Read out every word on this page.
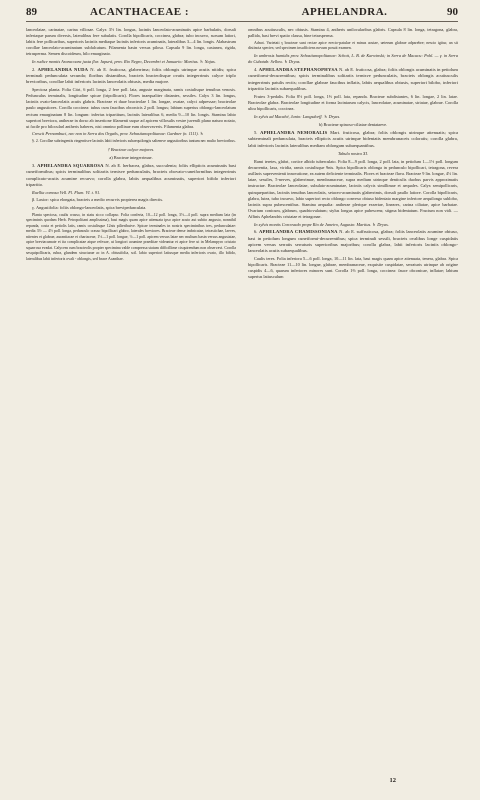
89	ACANTHACEAE :	APHELANDRA.	90
lanceolatae, carinatae, carina villosae. Calyx 3½ lin. longus, laciniis lanceolato-acuminatis apice barbulatis, dorsali inferiaque parum diversis, lateralibus fere subulatis. Corolla bipollicaris, coccinea, glabra; tubo incurvo, sursum latiori, labiis fere pollicaribus, superioris laciniis mediaque laciniis inferioris acuminatis, lateralibus 3—4 lin. longis. Alabastrum corollae lanceolato-acuminatum subfalcatum. Filamenta basin versus pilosa. Capsula 9 lin. longa, castanea, rigida, tetrasperma. Semen discoideum, hilo emarginato.
In rudice montis Araracoara juxta flur. Japurá, prov. Rio Negro, Decembri et Januario: Martius. ♄ Najas.
2. APHELANDRA NUDA N. ab E. fruticosa, glaberrima; foliis oblongis utrinque acutis nitidis; spica terminali pedunculata secunda; floribus distantibus, bracteis bracteolisque ovatis integerrimis calyce triplo brevioribus, corollae labii inferioris laciniis lanceolatis obtusis, media majore.
Speciosa planta. Folia Citri, 6 poll. longa, 2 fere poll. lata, anguste marginata, ramis costulisque tenuibus venosis. Pedunculus terminalis, longitudine spicae (tripollicaris). Flores inaequaliter distantes, sessiles. Calyx 3 lin. longus, laciniis ovato-lanceolatis acutis glabris. Bracteae et duae bracteolae 1 lin. longae, ovatae, calyci adpressae; bracteolae paulo angustiores. Corolla coccinea: tubus cum faucibus obconicis 2 poll. longus; labium superius oblongo-lanceolatum rectum emarginatum 8 lin. longum: inferius tripartitum, laciniis lateralibus 6, media 9—10 lin. longis. Stamina labio superiori breviora, antherae in dorso ab insertione filamenti usque ad apicem villosulis vestre juvenili plano naturo notato, ut facile pro bilocularl antheris haberes, nisi omnino pollinae eum observaveris. Filamenta glabra.
Crescit Pernambuci, nec non in Serra dos Orgaõs, prov. Sebastianopolitanae: Gardner (n. 1111). ♄
§. 2. Corollae subringentis ringentisve laciniis labii inferioris subaequilongis saltemve angustioribus tantum nec multo brevioribus.
† Bracteae calyce majores.
a) Bracteae integerrimae.
3. APHELANDRA SQUARROSA N. ab E. herbacea, glabra, succulenta; foliis ellipticis acuminatis basi cuneiformibus; spicis terminalibus solitariis ternisve pedunculatis, bracteis obovato-cuneiformibus integerrimis complicato-acutis acumine recurvo; corolla glabra, labiis aequalibus acuminatis, superiori bifido inferiori tripartito.
Ruellia comosa Vell. Fl. Flum. VI. t. 91.
β. Laxior: spica elongata, bracteis a medio recurvis propterea magis directis.
γ. Angustifolia: foliis oblongo-lanceolatis, spica brevipedunculata.
Planta speciosa, caulis crasso, in statu sicco collapso. Folia conferta, 10—12 poll. longa, 3½—4 poll. supra medium lata (in speciminis quodam Herb. Petropolitani amplissima), basi magis quam apice attenuata ipso apice acuto aut subito angusto, nonnihil repanda, costa et petiolis latis, ramis costulisque 12nis pilieributve. Spicae terminales in nostris speciminibus tres, pedunculatae: media 3½ — 4½ poll. longa, pedunculo crasso bipollicari glabro, laterales breviores. Bracteae dense imbricatae, tetrastichae, laeves, nitentes et glabrae, aurantiacae et chartaceae, 1½—1 poll. longae, ½—1 poll. apicem versus latae nec multum basin versus angustatae, apice breviacumate et ita complicatae atque refexae, ut longiori acumine praeditae videantur et apice fere ut in Melampyro cristato squarrosa evadat. Calycem cum bracteolis propter specimina valde compressa statum difficillime cisquirendum non observavi. Corolla sesquipollicaris, rubra, glandem structurae ac in A. obtusifolia, scil. labio superiori latiusque media inferioris ovato, illo bifido, lateralibus labii inferioris ovali - oblongis, sed brace Acanthae.
omnibus acutiusculis, nec obtusis. Stamina 4, antheris unilocularibus glabris. Capsula 8 lin. longa, tetragona, glabra, pallida, basi brevi spatio clausa, bine tetrasperma.
Adnot. Varietati γ bracteae sunt rectae apice erecto-patulae et minus acutae, ueterum glabrae adparebre; nescio igitur, an sit distincta species; sed specimen insufficiens novum posuit examen.
In umbrosis humidis prov. Sebastianopolitanae: Schott, L. B. de Karwinski; in Serra de Macacu: Pohl. — γ. in Serra do Cubatab: Sellow. ♄ Dryas.
4. APHELANDRA STEPHANOPHYSA N. ab E. fruticosa, glabra; foliis oblongis acuminatis in petiolum cuneiformi-decurrentibus; spicis terminalibus solitariis ternisve pedunculatis, bracteis oblongis acutiusculis integerrimis patulis rectis; corollae glabrae faucibus inflatis, labiis aequalibus obtusis, superiori bilobo, inferiori tripartito laciniis subaequalibus.
Frutex 3-pedalis. Folia 8½ poll. longa, 1⅔ poll. lata, repanda. Bracteae subdistantes, 6 lin. longae, 2 lin. latae. Bracteolae glabra. Bracteolae longitudine et forma laciniarum calycis, lanceolatae, acuminatae, striatae, glabrae. Corolla ultra bipollicaris, coccinea.
In sylvis ad Macahé, Junio: Langsdorff. ♄ Dryas.
b) Bracteae spinoso-ciliatae dentataeve.
5. APHELANDRA NEMORALIS Mart. fruticosa, glabra; foliis oblongis utrinque attenuatis; spica subterminali pedunculata, bracteis ellipticis acutis utrinque bidentatis membranaceis coloratis; corolla glabra, labii inferioris laciniis lateralibus mediam oblongam subaequantibus.
Tabula nostra XI.
Rami teretes, glabri, cortice albido tuberculato. Folia 8—9 poll. longa, 2 poll. lata, in petiolum 1—1½ poll. longum decurrentia, laxa, viridia, ramis costulisque 9nis. Spica bipollicaris oblonga in pedunculo bipollicari, tetragona, revera axillaris supervenienti innovatione, ea autem deficiente terminalis. Flores et bracteae flava. Bracteae 9 lin. longae, 4⅓ lin. latae, sessiles, 5-nerves, glaberrimae, membranaceae, supra medium utrinque denticulis duobus parvis approximatis instructae. Bracteolae lanceolatae, subulato-acuminatae, laciniis calycis simillimae et aequales. Calyx semipollicaris, quinquepartitus, laciniis tenuibus lanceolatis, setaceo-acuminatis glaberrimis, dorsali paullo latiore. Corolla bipollicaris, glabra, lutea, tubo incurvo, labio superiori recto oblongo convexo obtuso bidentato margine inferiore aequilongo sublobo, laciniis supra pubescentibus. Stamina aequalia: antherae plerique exsertae, lineares, carina ciliatae, apice barbatae. Ovarium conicum, glabrum, quadriovulatum; stylus longus apice pubescens; stigma bidentatum. Fructum non vidi. — Affinis Aphelandris cristatae et tetragonae.
In sylvis montis Corcovado prope Rio de Janeiro, Augusto: Martius. ♄ Dryas.
6. APHELANDRA CHAMISSONIANA N. ab E. suffruticosa, glabra; foliis lanceolatis acumine obtuso, basi in petiolum longum cuneiformi-decurrentibus; spica terminali sessili, bracteis ovalibus longe cuspidatis apicem versus serratis serraturis superioribus majoribus; corolla glabra, labii inferioris laciniis oblongo-lanceolatis acutis subaequalibus.
Caulis teres. Folia inferiora 5—6 poll. longa, 10—11 lin. lata, basi magis quam apice attenuata, tenera, glabra. Spica bipollicaris. Bracteae 11—10 lin. longae, glabrae, membranaceae, exquisite cuspidatae, serraturis utrinque ab origine cuspidis 4—6, quarum inferiores minores sunt. Corolla 1⅔ poll. longa, coccinea: fauce obconicae, inflatae; labium superius latiusculum
12
